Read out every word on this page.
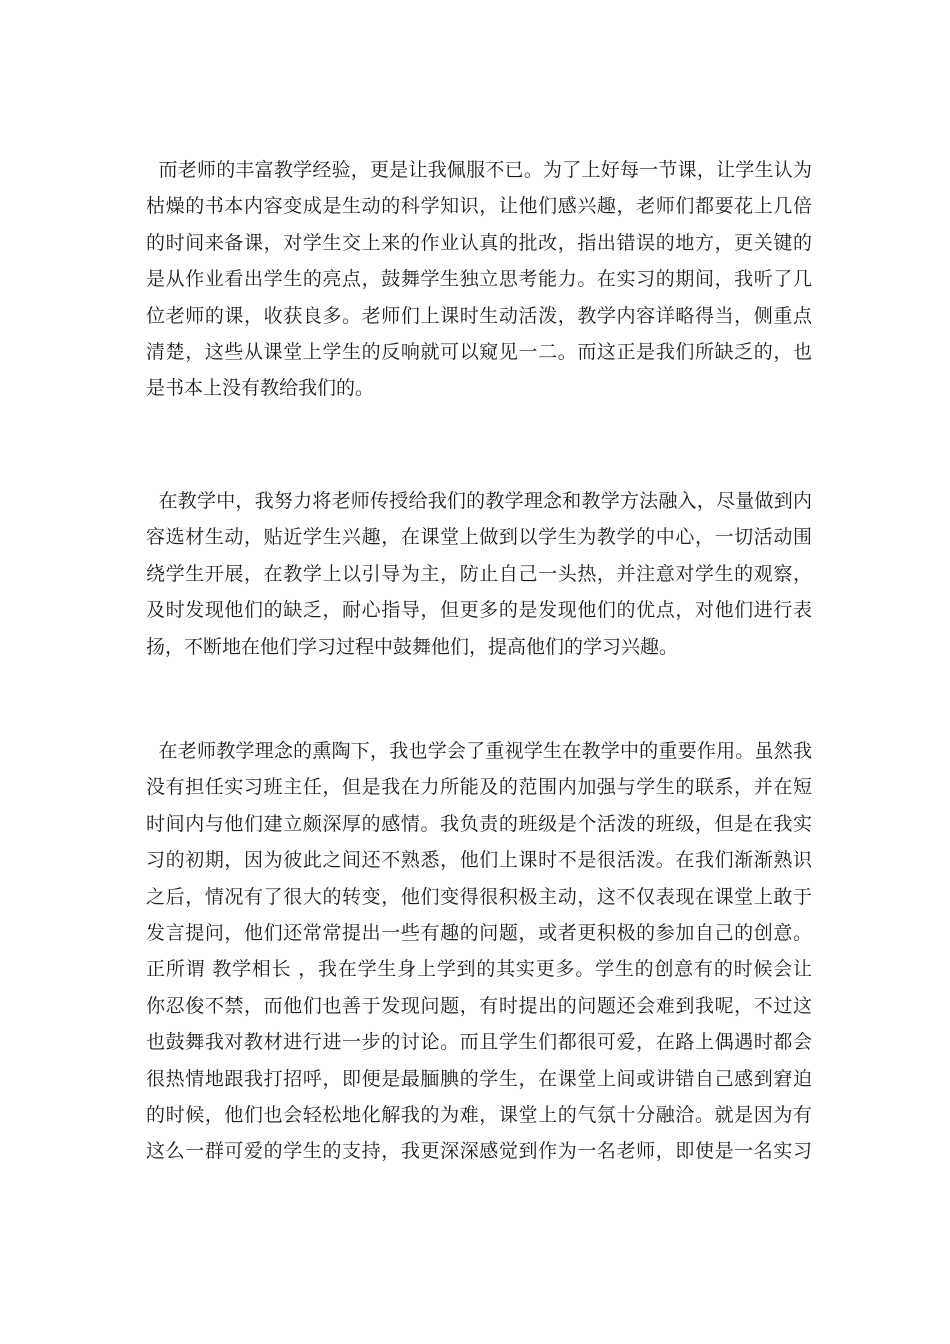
而老师的丰富教学经验，更是让我佩服不已。为了上好每一节课，让学生认为
枯燥的书本内容变成是生动的科学知识，让他们感兴趣，老师们都要花上几倍
的时间来备课，对学生交上来的作业认真的批改，指出错误的地方，更关键的
是从作业看出学生的亮点，鼓舞学生独立思考能力。在实习的期间，我听了几
位老师的课，收获良多。老师们上课时生动活泼，教学内容详略得当，侧重点
清楚，这些从课堂上学生的反响就可以窥见一二。而这正是我们所缺乏的，也
是书本上没有教给我们的。

在教学中，我努力将老师传授给我们的教学理念和教学方法融入，尽量做到内
容选材生动，贴近学生兴趣，在课堂上做到以学生为教学的中心，一切活动围
绕学生开展，在教学上以引导为主，防止自己一头热，并注意对学生的观察，
及时发现他们的缺乏，耐心指导，但更多的是发现他们的优点，对他们进行表
扬，不断地在他们学习过程中鼓舞他们，提高他们的学习兴趣。

在老师教学理念的熏陶下，我也学会了重视学生在教学中的重要作用。虽然我
没有担任实习班主任，但是我在力所能及的范围内加强与学生的联系，并在短
时间内与他们建立颇深厚的感情。我负责的班级是个活泼的班级，但是在我实
习的初期，因为彼此之间还不熟悉，他们上课时不是很活泼。在我们渐渐熟识
之后，情况有了很大的转变，他们变得很积极主动，这不仅表现在课堂上敢于
发言提问，他们还常常提出一些有趣的问题，或者更积极的参加自己的创意。
正所谓 教学相长 ，我在学生身上学到的其实更多。学生的创意有的时候会让
你忍俊不禁，而他们也善于发现问题，有时提出的问题还会难到我呢，不过这
也鼓舞我对教材进行进一步的讨论。而且学生们都很可爱，在路上偶遇时都会
很热情地跟我打招呼，即便是最腼腆的学生，在课堂上间或讲错自己感到窘迫
的时候，他们也会轻松地化解我的为难，课堂上的气氛十分融洽。就是因为有
这么一群可爱的学生的支持，我更深深感觉到作为一名老师，即使是一名实习
